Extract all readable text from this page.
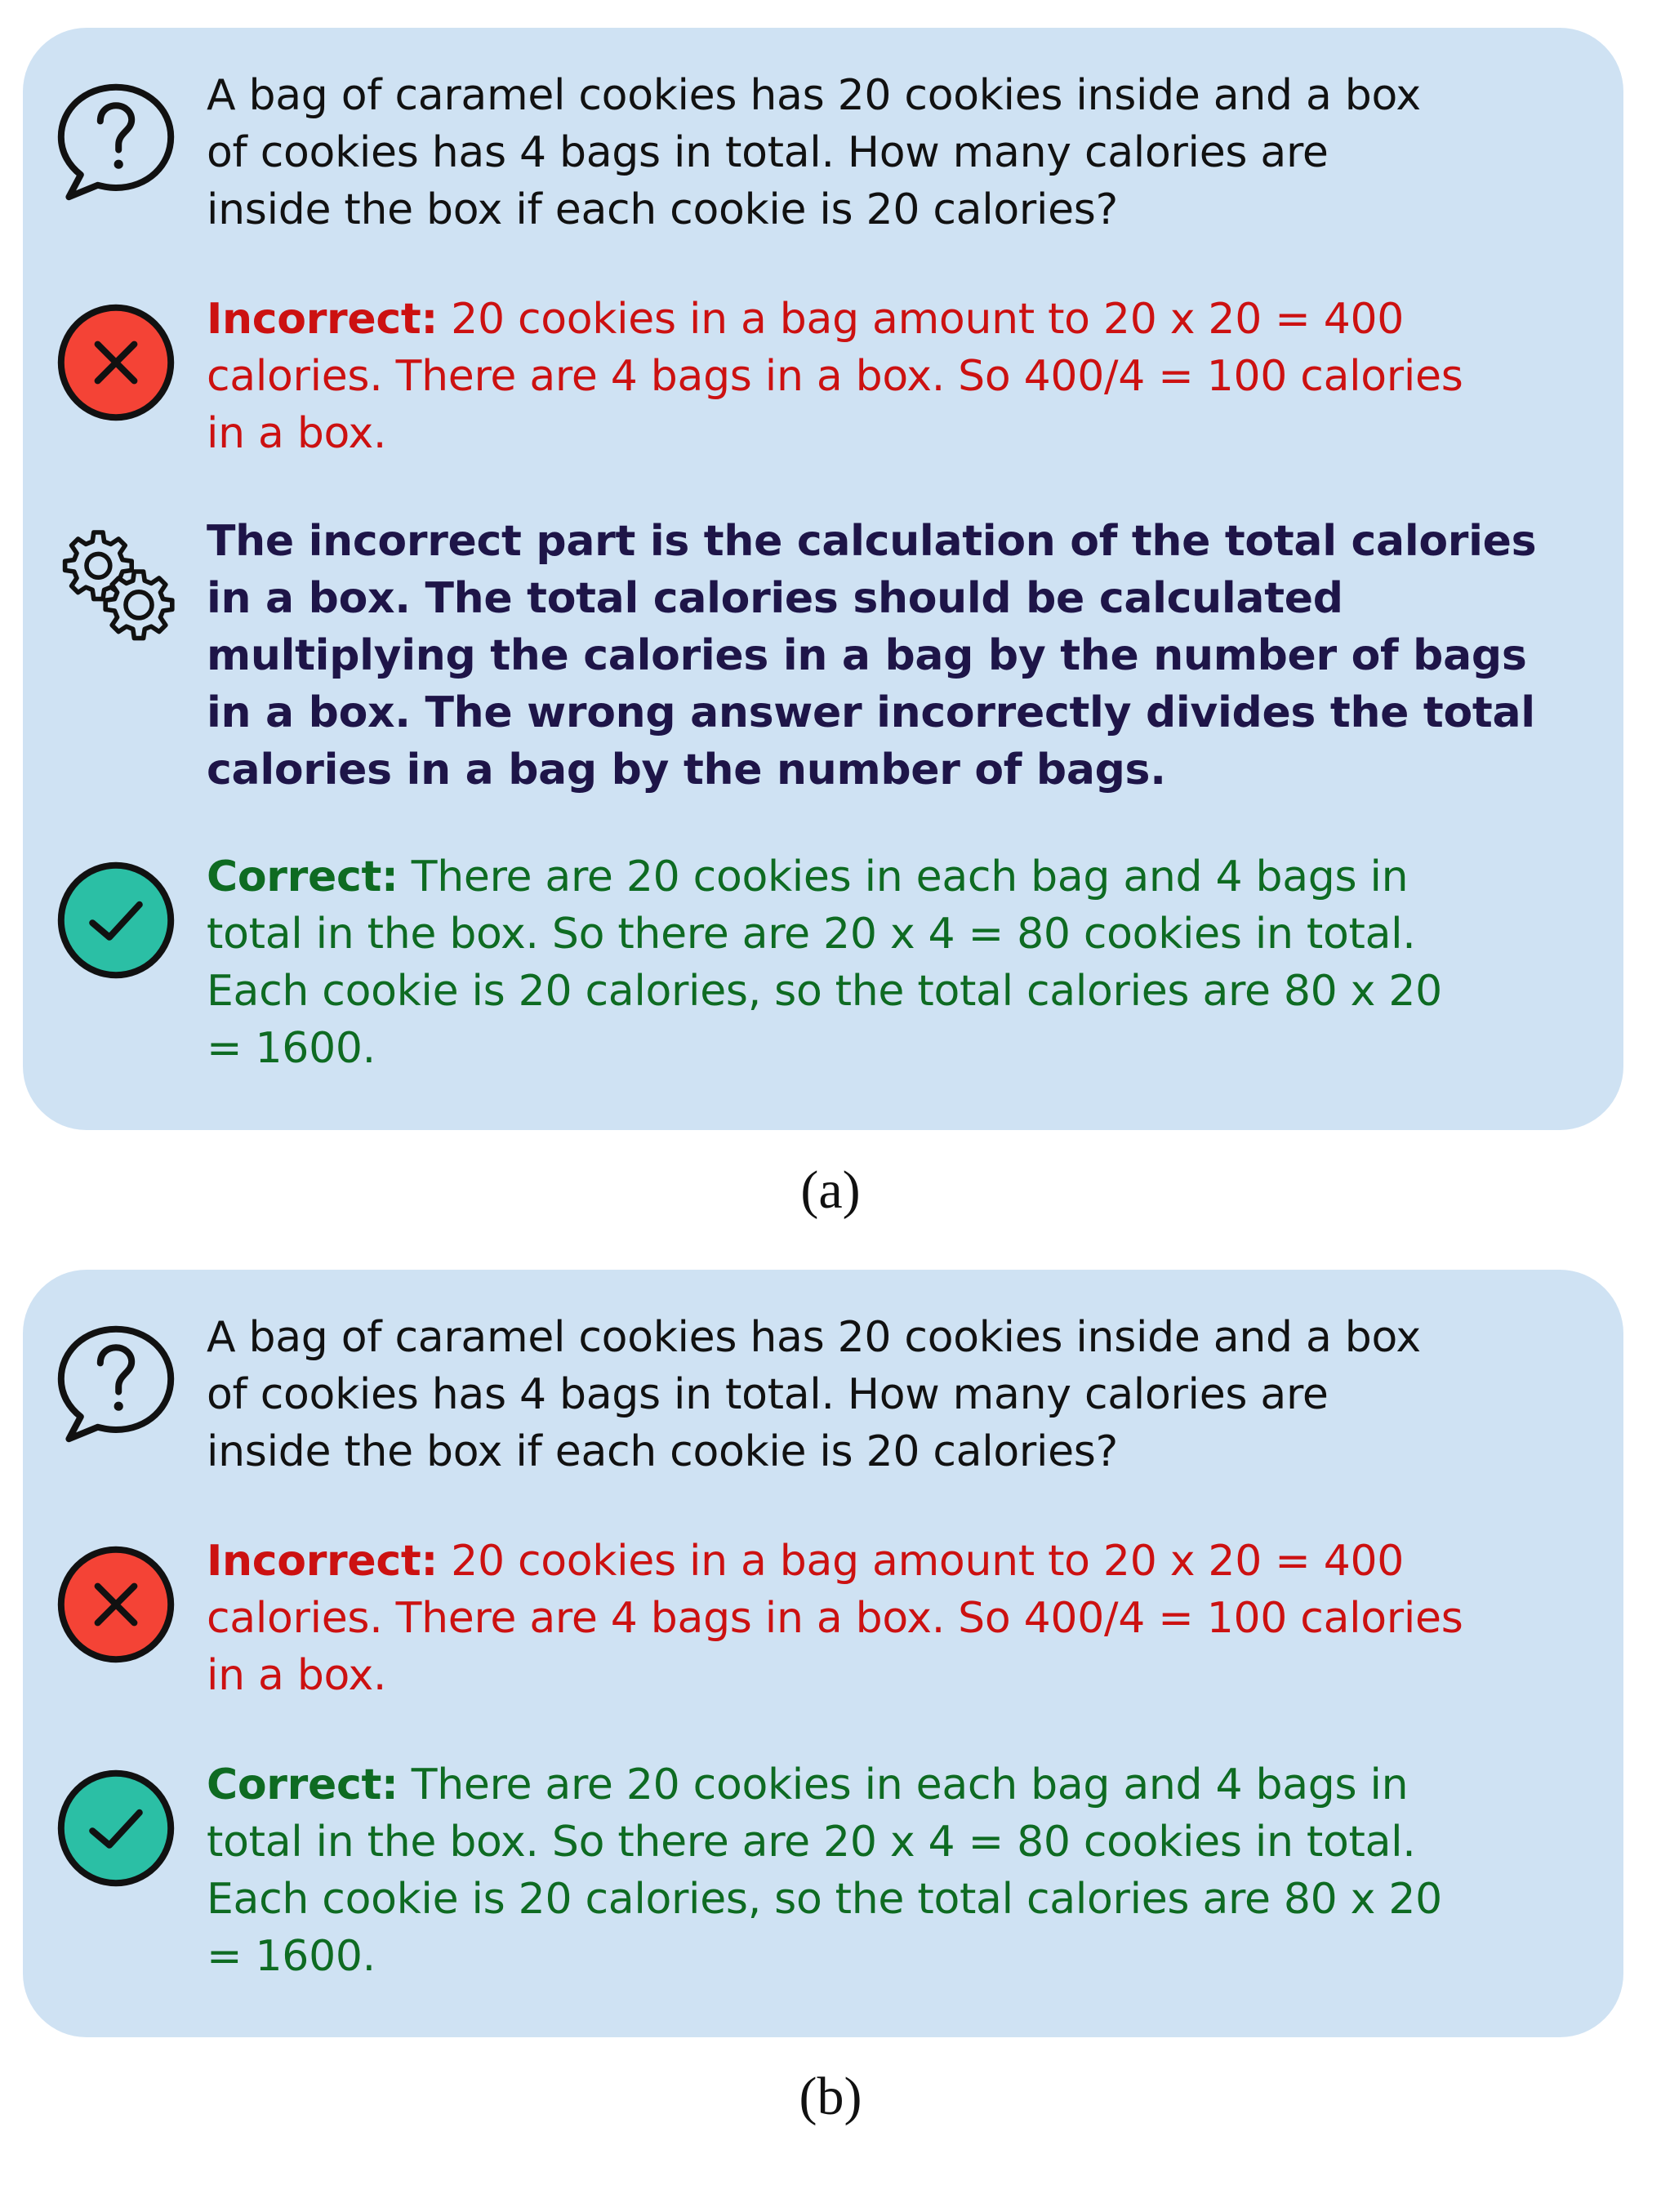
A bag of caramel cookies has 20 cookies inside and a box
of cookies has 4 bags in total. How many calories are
inside the box if each cookie is 20 calories?
Incorrect: 20 cookies in a bag amount to 20 x 20 = 400
calories. There are 4 bags in a box. So 400/4 = 100 calories
in a box.
The incorrect part is the calculation of the total calories
in a box. The total calories should be calculated
multiplying the calories in a bag by the number of bags
in a box. The wrong answer incorrectly divides the total
calories in a bag by the number of bags.
Correct: There are 20 cookies in each bag and 4 bags in
total in the box. So there are 20 x 4 = 80 cookies in total.
Each cookie is 20 calories, so the total calories are 80 x 20
= 1600.
(a)
A bag of caramel cookies has 20 cookies inside and a box
of cookies has 4 bags in total. How many calories are
inside the box if each cookie is 20 calories?
Incorrect: 20 cookies in a bag amount to 20 x 20 = 400
calories. There are 4 bags in a box. So 400/4 = 100 calories
in a box.
Correct: There are 20 cookies in each bag and 4 bags in
total in the box. So there are 20 x 4 = 80 cookies in total.
Each cookie is 20 calories, so the total calories are 80 x 20
= 1600.
(b)
